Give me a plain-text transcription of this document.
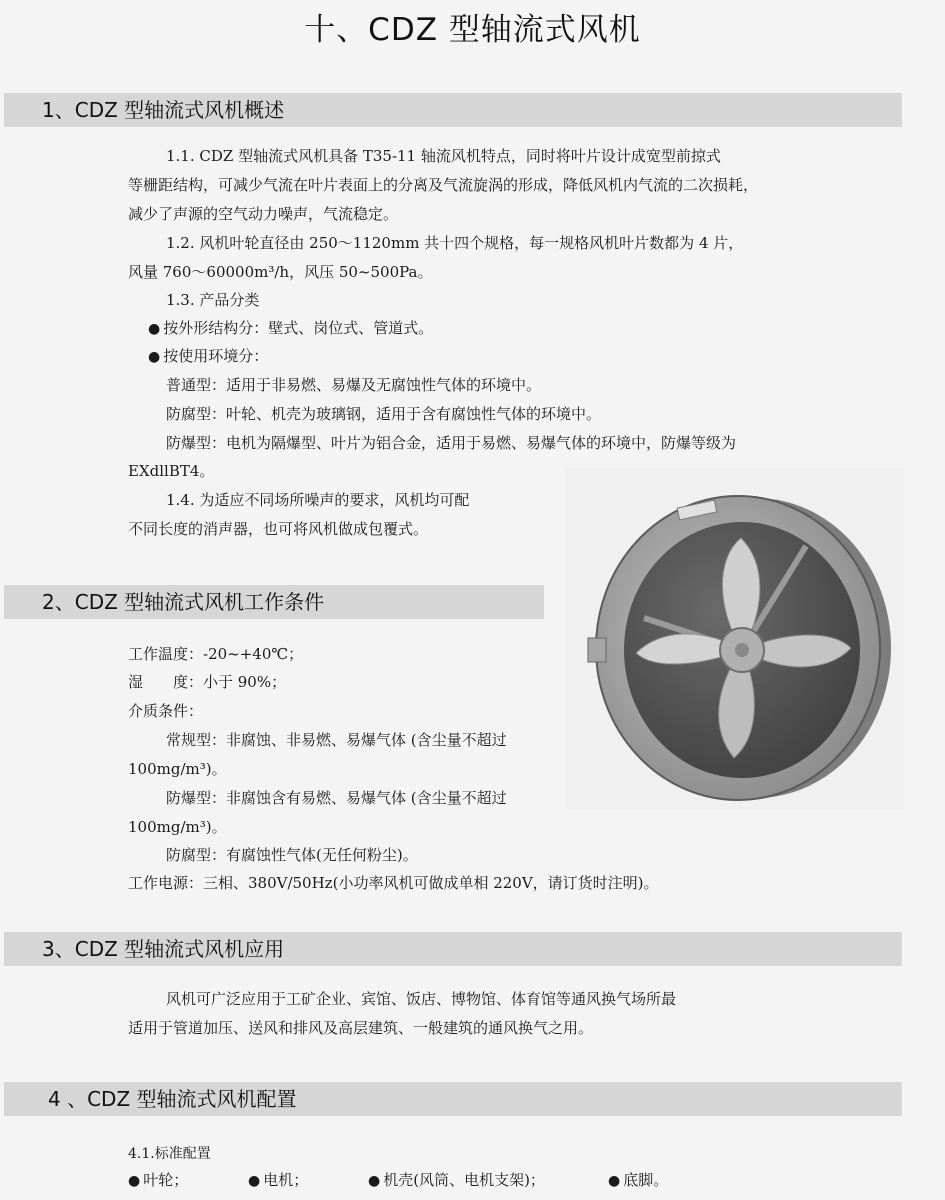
十、CDZ 型轴流式风机
1、CDZ 型轴流式风机概述
1.1. CDZ 型轴流式风机具备 T35-11 轴流风机特点，同时将叶片设计成宽型前掠式
等栅距结构，可减少气流在叶片表面上的分离及气流旋涡的形成，降低风机内气流的二次损耗，
减少了声源的空气动力噪声，气流稳定。
1.2. 风机叶轮直径由 250～1120mm 共十四个规格，每一规格风机叶片数都为 4 片，
风量 760～60000m³/h，风压 50~500Pa。
1.3. 产品分类
● 按外形结构分：壁式、岗位式、管道式。
● 按使用环境分：
普通型：适用于非易燃、易爆及无腐蚀性气体的环境中。
防腐型：叶轮、机壳为玻璃钢，适用于含有腐蚀性气体的环境中。
防爆型：电机为隔爆型、叶片为铝合金，适用于易燃、易爆气体的环境中，防爆等级为
EXdllBT4。
1.4. 为适应不同场所噪声的要求，风机均可配
不同长度的消声器，也可将风机做成包覆式。
2、CDZ 型轴流式风机工作条件
工作温度：-20~+40℃；
湿　　度：小于 90%；
介质条件：
常规型：非腐蚀、非易燃、易爆气体 (含尘量不超过
100mg/m³)。
防爆型：非腐蚀含有易燃、易爆气体 (含尘量不超过
100mg/m³)。
防腐型：有腐蚀性气体(无任何粉尘)。
工作电源：三相、380V/50Hz(小功率风机可做成单相 220V，请订货时注明)。
3、CDZ 型轴流式风机应用
风机可广泛应用于工矿企业、宾馆、饭店、博物馆、体育馆等通风换气场所最
适用于管道加压、送风和排风及高层建筑、一般建筑的通风换气之用。
4 、CDZ 型轴流式风机配置
4.1.标准配置
● 叶轮；	● 电机；	● 机壳(风筒、电机支架)；	● 底脚。
